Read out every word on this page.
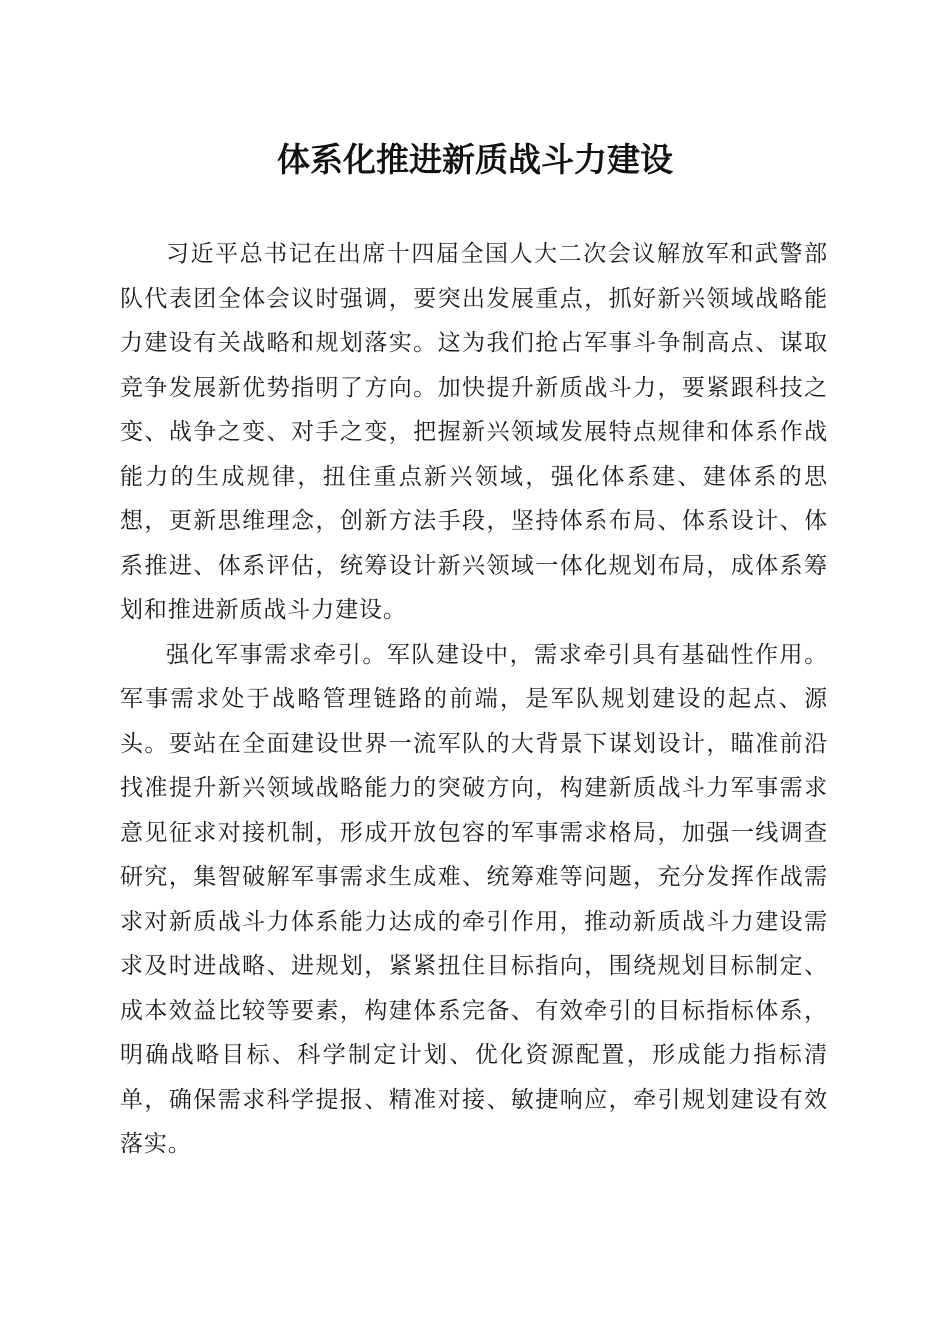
体系化推进新质战斗力建设

习近平总书记在出席十四届全国人大二次会议解放军和武警部队代表团全体会议时强调，要突出发展重点，抓好新兴领域战略能力建设有关战略和规划落实。这为我们抢占军事斗争制高点、谋取竞争发展新优势指明了方向。加快提升新质战斗力，要紧跟科技之变、战争之变、对手之变，把握新兴领域发展特点规律和体系作战能力的生成规律，扭住重点新兴领域，强化体系建、建体系的思想，更新思维理念，创新方法手段，坚持体系布局、体系设计、体系推进、体系评估，统筹设计新兴领域一体化规划布局，成体系筹划和推进新质战斗力建设。

强化军事需求牵引。军队建设中，需求牵引具有基础性作用。军事需求处于战略管理链路的前端，是军队规划建设的起点、源头。要站在全面建设世界一流军队的大背景下谋划设计，瞄准前沿找准提升新兴领域战略能力的突破方向，构建新质战斗力军事需求意见征求对接机制，形成开放包容的军事需求格局，加强一线调查研究，集智破解军事需求生成难、统筹难等问题，充分发挥作战需求对新质战斗力体系能力达成的牵引作用，推动新质战斗力建设需求及时进战略、进规划，紧紧扭住目标指向，围绕规划目标制定、成本效益比较等要素，构建体系完备、有效牵引的目标指标体系，明确战略目标、科学制定计划、优化资源配置，形成能力指标清单，确保需求科学提报、精准对接、敏捷响应，牵引规划建设有效落实。
